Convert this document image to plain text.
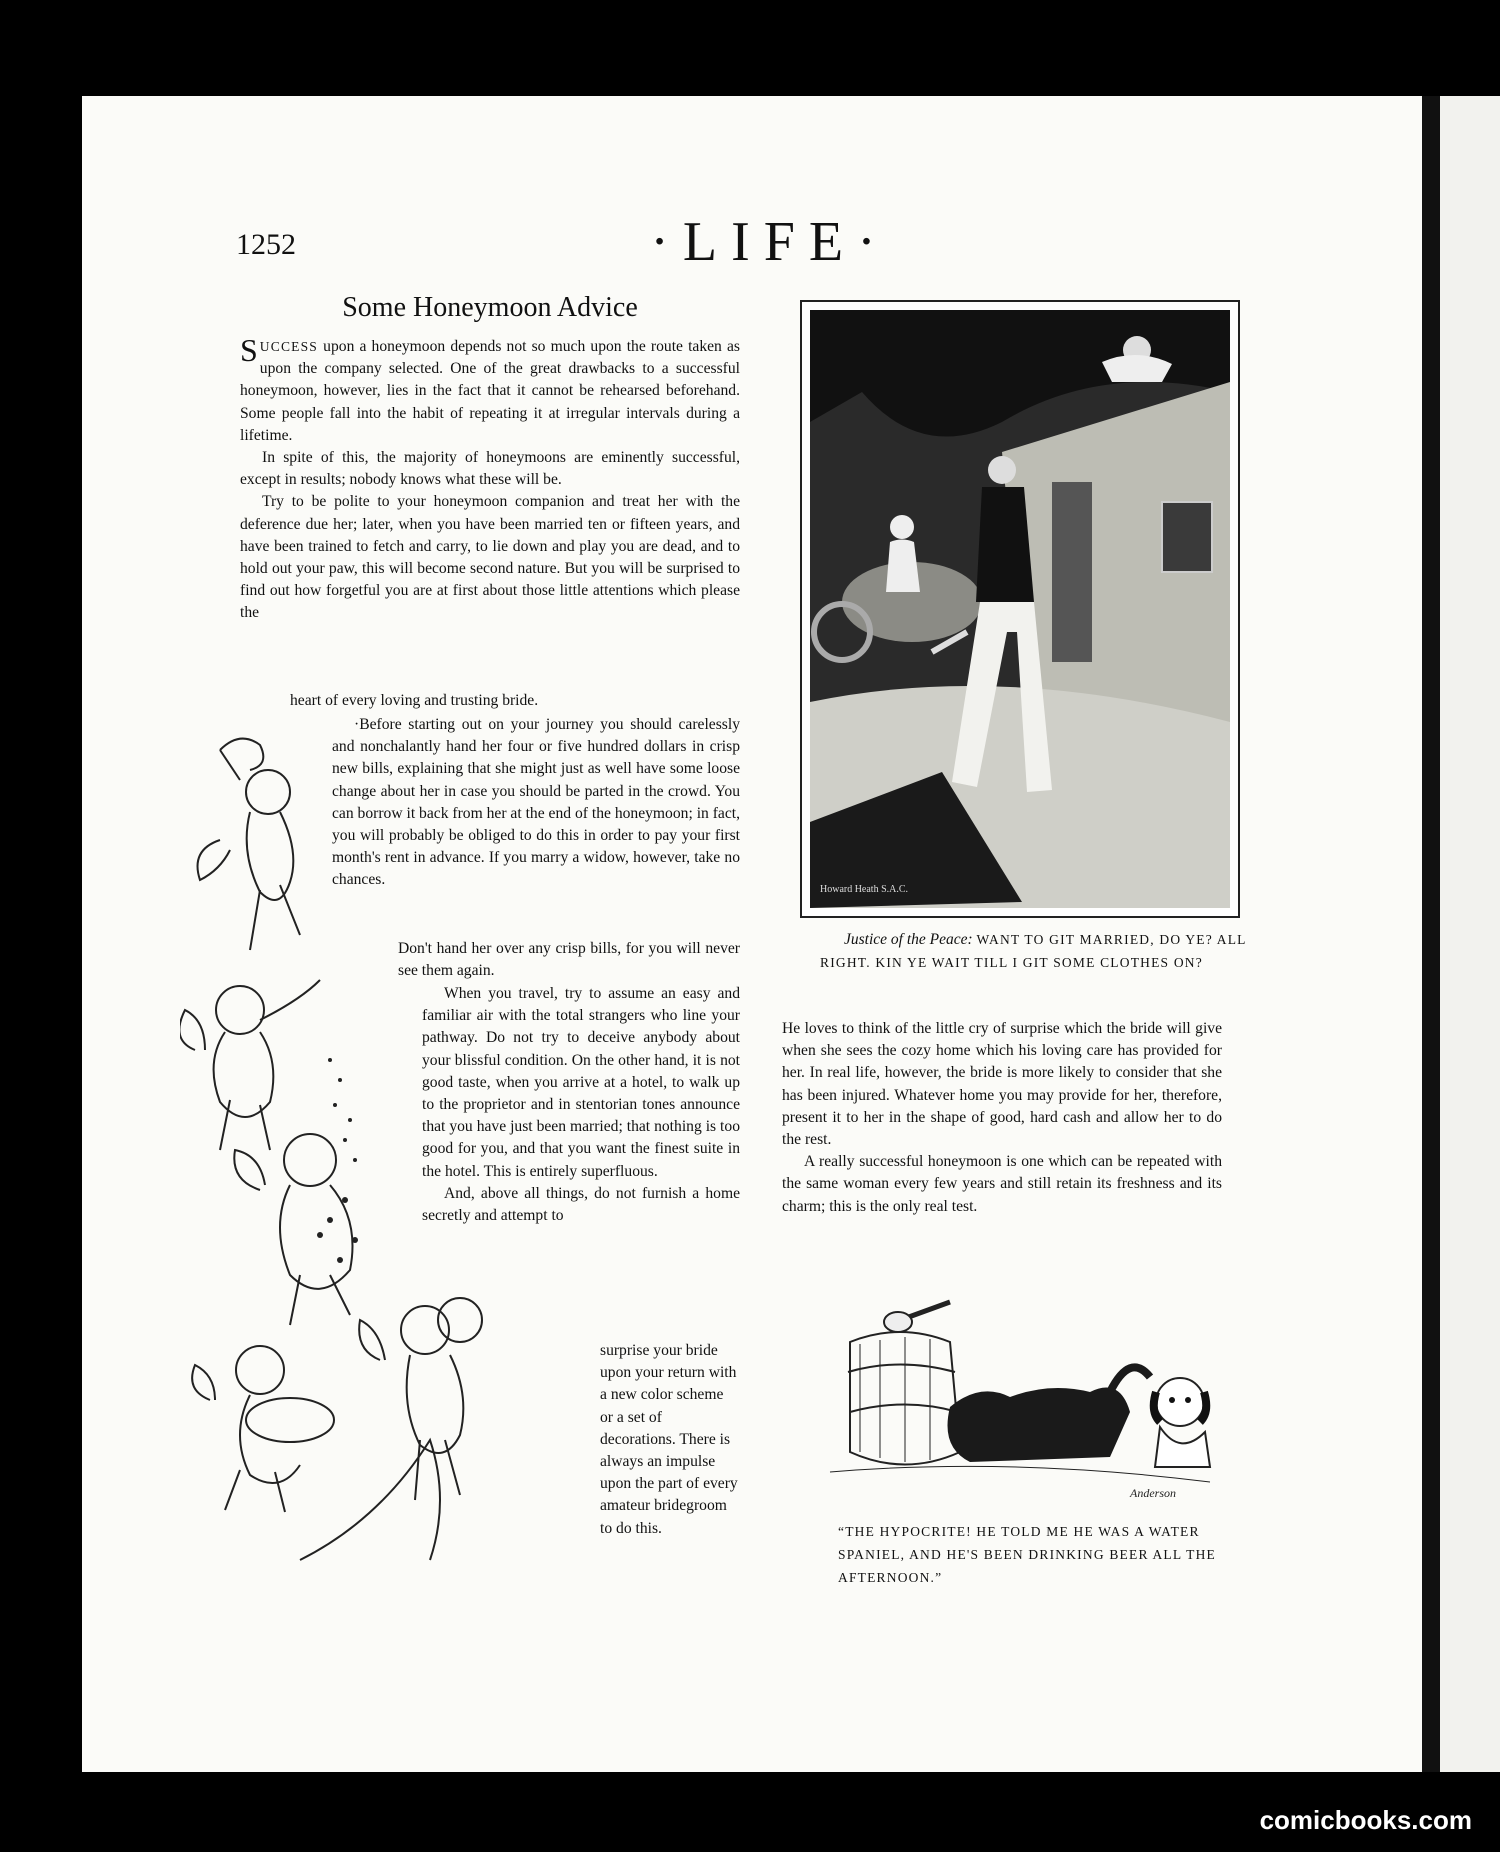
1252	·LIFE·
Some Honeymoon Advice

SUCCESS upon a honeymoon depends not so much upon the route taken as upon the company selected. One of the great drawbacks to a successful honeymoon, however, lies in the fact that it cannot be rehearsed beforehand. Some people fall into the habit of repeating it at irregular intervals during a lifetime.

In spite of this, the majority of honeymoons are eminently successful, except in results; nobody knows what these will be.

Try to be polite to your honeymoon companion and treat her with the deference due her; later, when you have been married ten or fifteen years, and have been trained to fetch and carry, to lie down and play you are dead, and to hold out your paw, this will become second nature. But you will be surprised to find out how forgetful you are at first about those little attentions which please the

heart of every loving and trusting bride.

·Before starting out on your journey you should carelessly and nonchalantly hand her four or five hundred dollars in crisp new bills, explaining that she might just as well have some loose change about her in case you should be parted in the crowd. You can borrow it back from her at the end of the honeymoon; in fact, you will probably be obliged to do this in order to pay your first month's rent in advance. If you marry a widow, however, take no chances.

Don't hand her over any crisp bills, for you will never see them again.

When you travel, try to assume an easy and familiar air with the total strangers who line your pathway. Do not try to deceive anybody about your blissful condition. On the other hand, it is not good taste, when you arrive at a hotel, to walk up to the proprietor and in stentorian tones announce that you have just been married; that nothing is too good for you, and that you want the finest suite in the hotel. This is entirely superfluous.

And, above all things, do not furnish a home secretly and attempt to

surprise your bride upon your return with a new color scheme or a set of decorations. There is always an impulse upon the part of every amateur bridegroom to do this.
Howard Heath S.A.C.
Justice of the Peace: WANT TO GIT MARRIED, DO YE? ALL RIGHT. KIN YE WAIT TILL I GIT SOME CLOTHES ON?

He loves to think of the little cry of surprise which the bride will give when she sees the cozy home which his loving care has provided for her. In real life, however, the bride is more likely to consider that she has been injured. Whatever home you may provide for her, therefore, present it to her in the shape of good, hard cash and allow her to do the rest.

A really successful honeymoon is one which can be repeated with the same woman every few years and still retain its freshness and its charm; this is the only real test.

Anderson
“THE HYPOCRITE! HE TOLD ME HE WAS A WATER SPANIEL, AND HE'S BEEN DRINKING BEER ALL THE AFTERNOON.”
comicbooks.com
